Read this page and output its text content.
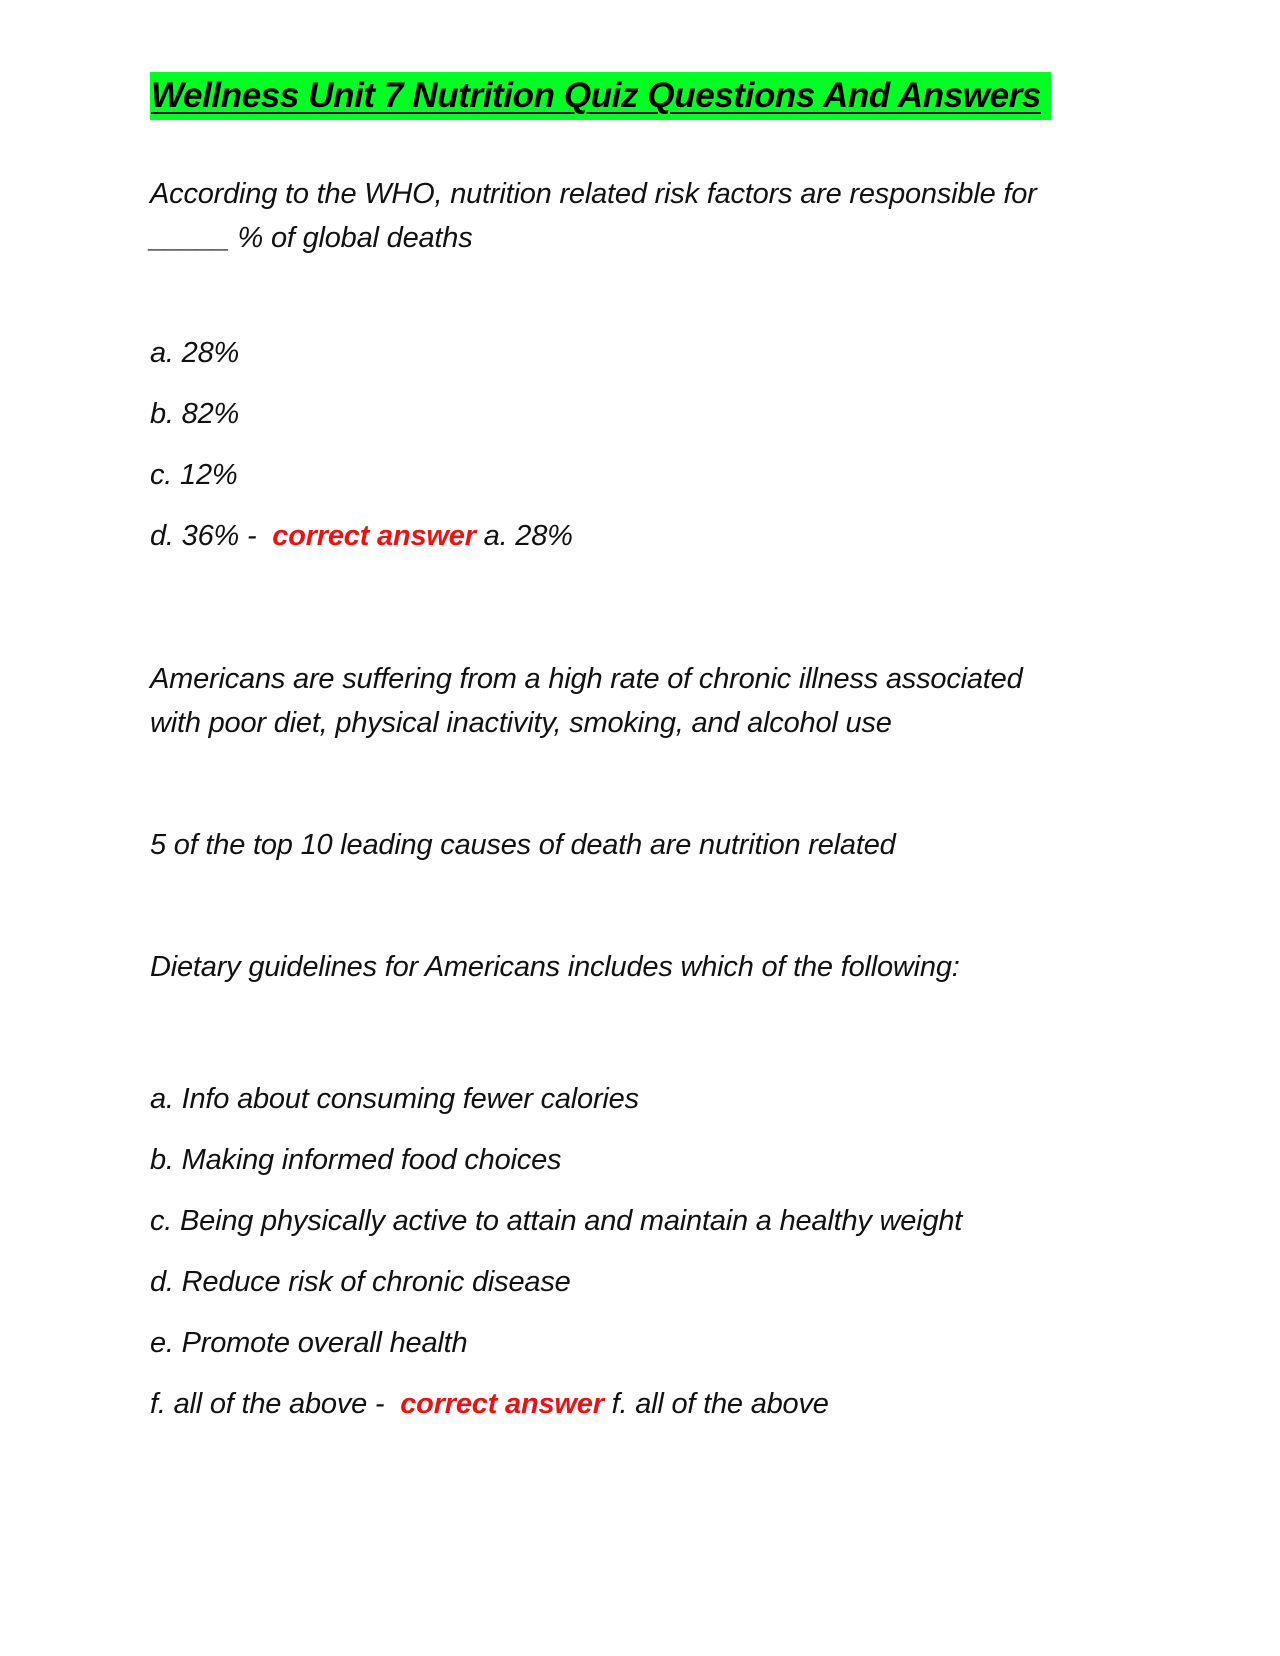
Wellness Unit 7 Nutrition Quiz Questions And Answers

According to the WHO, nutrition related risk factors are responsible for

_____ % of global deaths

a. 28%

b. 82%

c. 12%

d. 36% - correct answer a. 28%

Americans are suffering from a high rate of chronic illness associated

with poor diet, physical inactivity, smoking, and alcohol use

5 of the top 10 leading causes of death are nutrition related

Dietary guidelines for Americans includes which of the following:

a. Info about consuming fewer calories

b. Making informed food choices

c. Being physically active to attain and maintain a healthy weight

d. Reduce risk of chronic disease

e. Promote overall health

f. all of the above - correct answer f. all of the above
